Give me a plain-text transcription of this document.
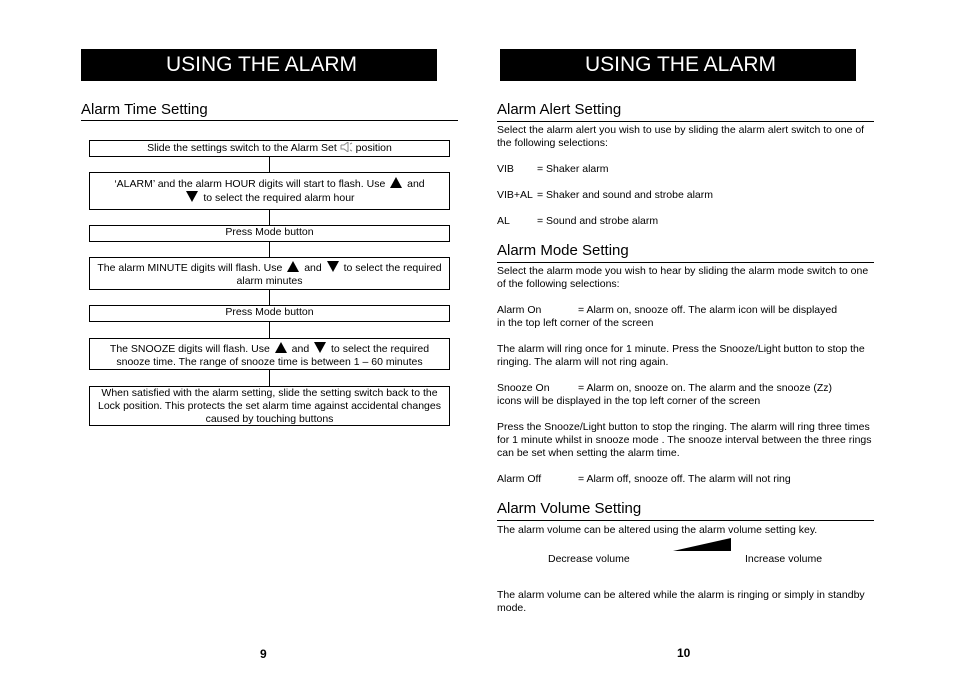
USING THE ALARM
Alarm Time Setting
Slide the settings switch to the Alarm Set position
‘ALARM’ and the alarm HOUR digits will start to flash. Use and
to select the required alarm hour
Press Mode button
The alarm MINUTE digits will flash. Use and to select the required alarm minutes
Press Mode button
The SNOOZE digits will flash. Use and to select the required snooze time. The range of snooze time is between 1 – 60 minutes
When satisfied with the alarm setting, slide the setting switch back to the Lock position. This protects the set alarm time against accidental changes caused by touching buttons
9
USING THE ALARM
Alarm Alert Setting
Select the alarm alert you wish to use by sliding the alarm alert switch to one of the following selections:
VIB = Shaker alarm
VIB+AL = Shaker and sound and strobe alarm
AL	= Sound and strobe alarm
Alarm Mode Setting
Select the alarm mode you wish to hear by sliding the alarm mode switch to one of the following selections:
Alarm On	= Alarm on, snooze off. The alarm icon will be displayed
in the top left corner of the screen
The alarm will ring once for 1 minute. Press the Snooze/Light button to stop the ringing. The alarm will not ring again.
Snooze On	= Alarm on, snooze on. The alarm and the snooze (Zz)
icons will be displayed in the top left corner of the screen
Press the Snooze/Light button to stop the ringing. The alarm will ring three times for 1 minute whilst in snooze mode . The snooze interval between the three rings can be set when setting the alarm time.
Alarm Off	= Alarm off, snooze off. The alarm will not ring
Alarm Volume Setting
The alarm volume can be altered using the alarm volume setting key.
Decrease volume	Increase volume
The alarm volume can be altered while the alarm is ringing or simply in standby mode.
10
